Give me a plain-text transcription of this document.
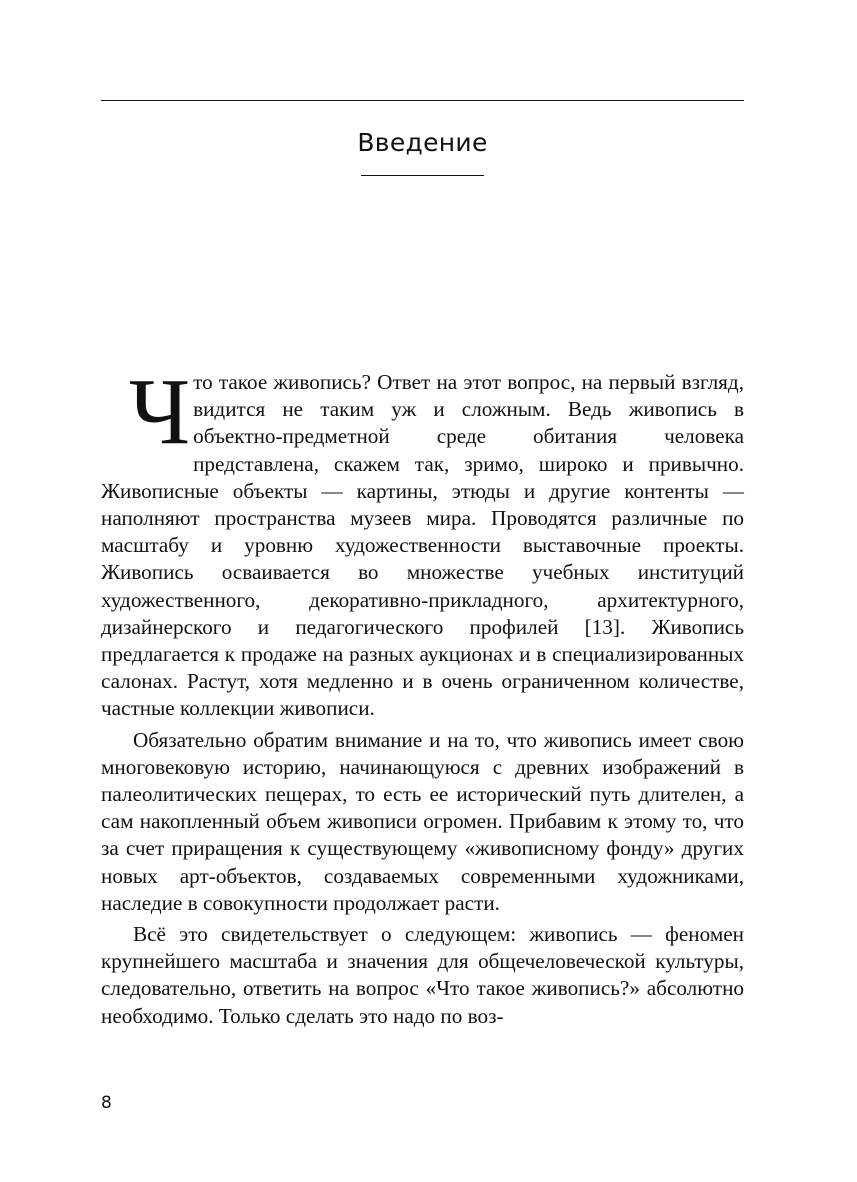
Введение

Что такое живопись? Ответ на этот вопрос, на первый взгляд, видится не таким уж и сложным. Ведь живопись в объектно-предметной среде обитания человека представлена, скажем так, зримо, широко и привычно. Живописные объекты — картины, этюды и другие контенты — наполняют пространства музеев мира. Проводятся различные по масштабу и уровню художественности выставочные проекты. Живопись осваивается во множестве учебных институций художественного, декоративно-прикладного, архитектурного, дизайнерского и педагогического профилей [13]. Живопись предлагается к продаже на разных аукционах и в специализированных салонах. Растут, хотя медленно и в очень ограниченном количестве, частные коллекции живописи.

Обязательно обратим внимание и на то, что живопись имеет свою многовековую историю, начинающуюся с древних изображений в палеолитических пещерах, то есть ее исторический путь длителен, а сам накопленный объем живописи огромен. Прибавим к этому то, что за счет приращения к существующему «живописному фонду» других новых арт-объектов, создаваемых современными художниками, наследие в совокупности продолжает расти.

Всё это свидетельствует о следующем: живопись — феномен крупнейшего масштаба и значения для общечеловеческой культуры, следовательно, ответить на вопрос «Что такое живопись?» абсолютно необходимо. Только сделать это надо по воз-

8
